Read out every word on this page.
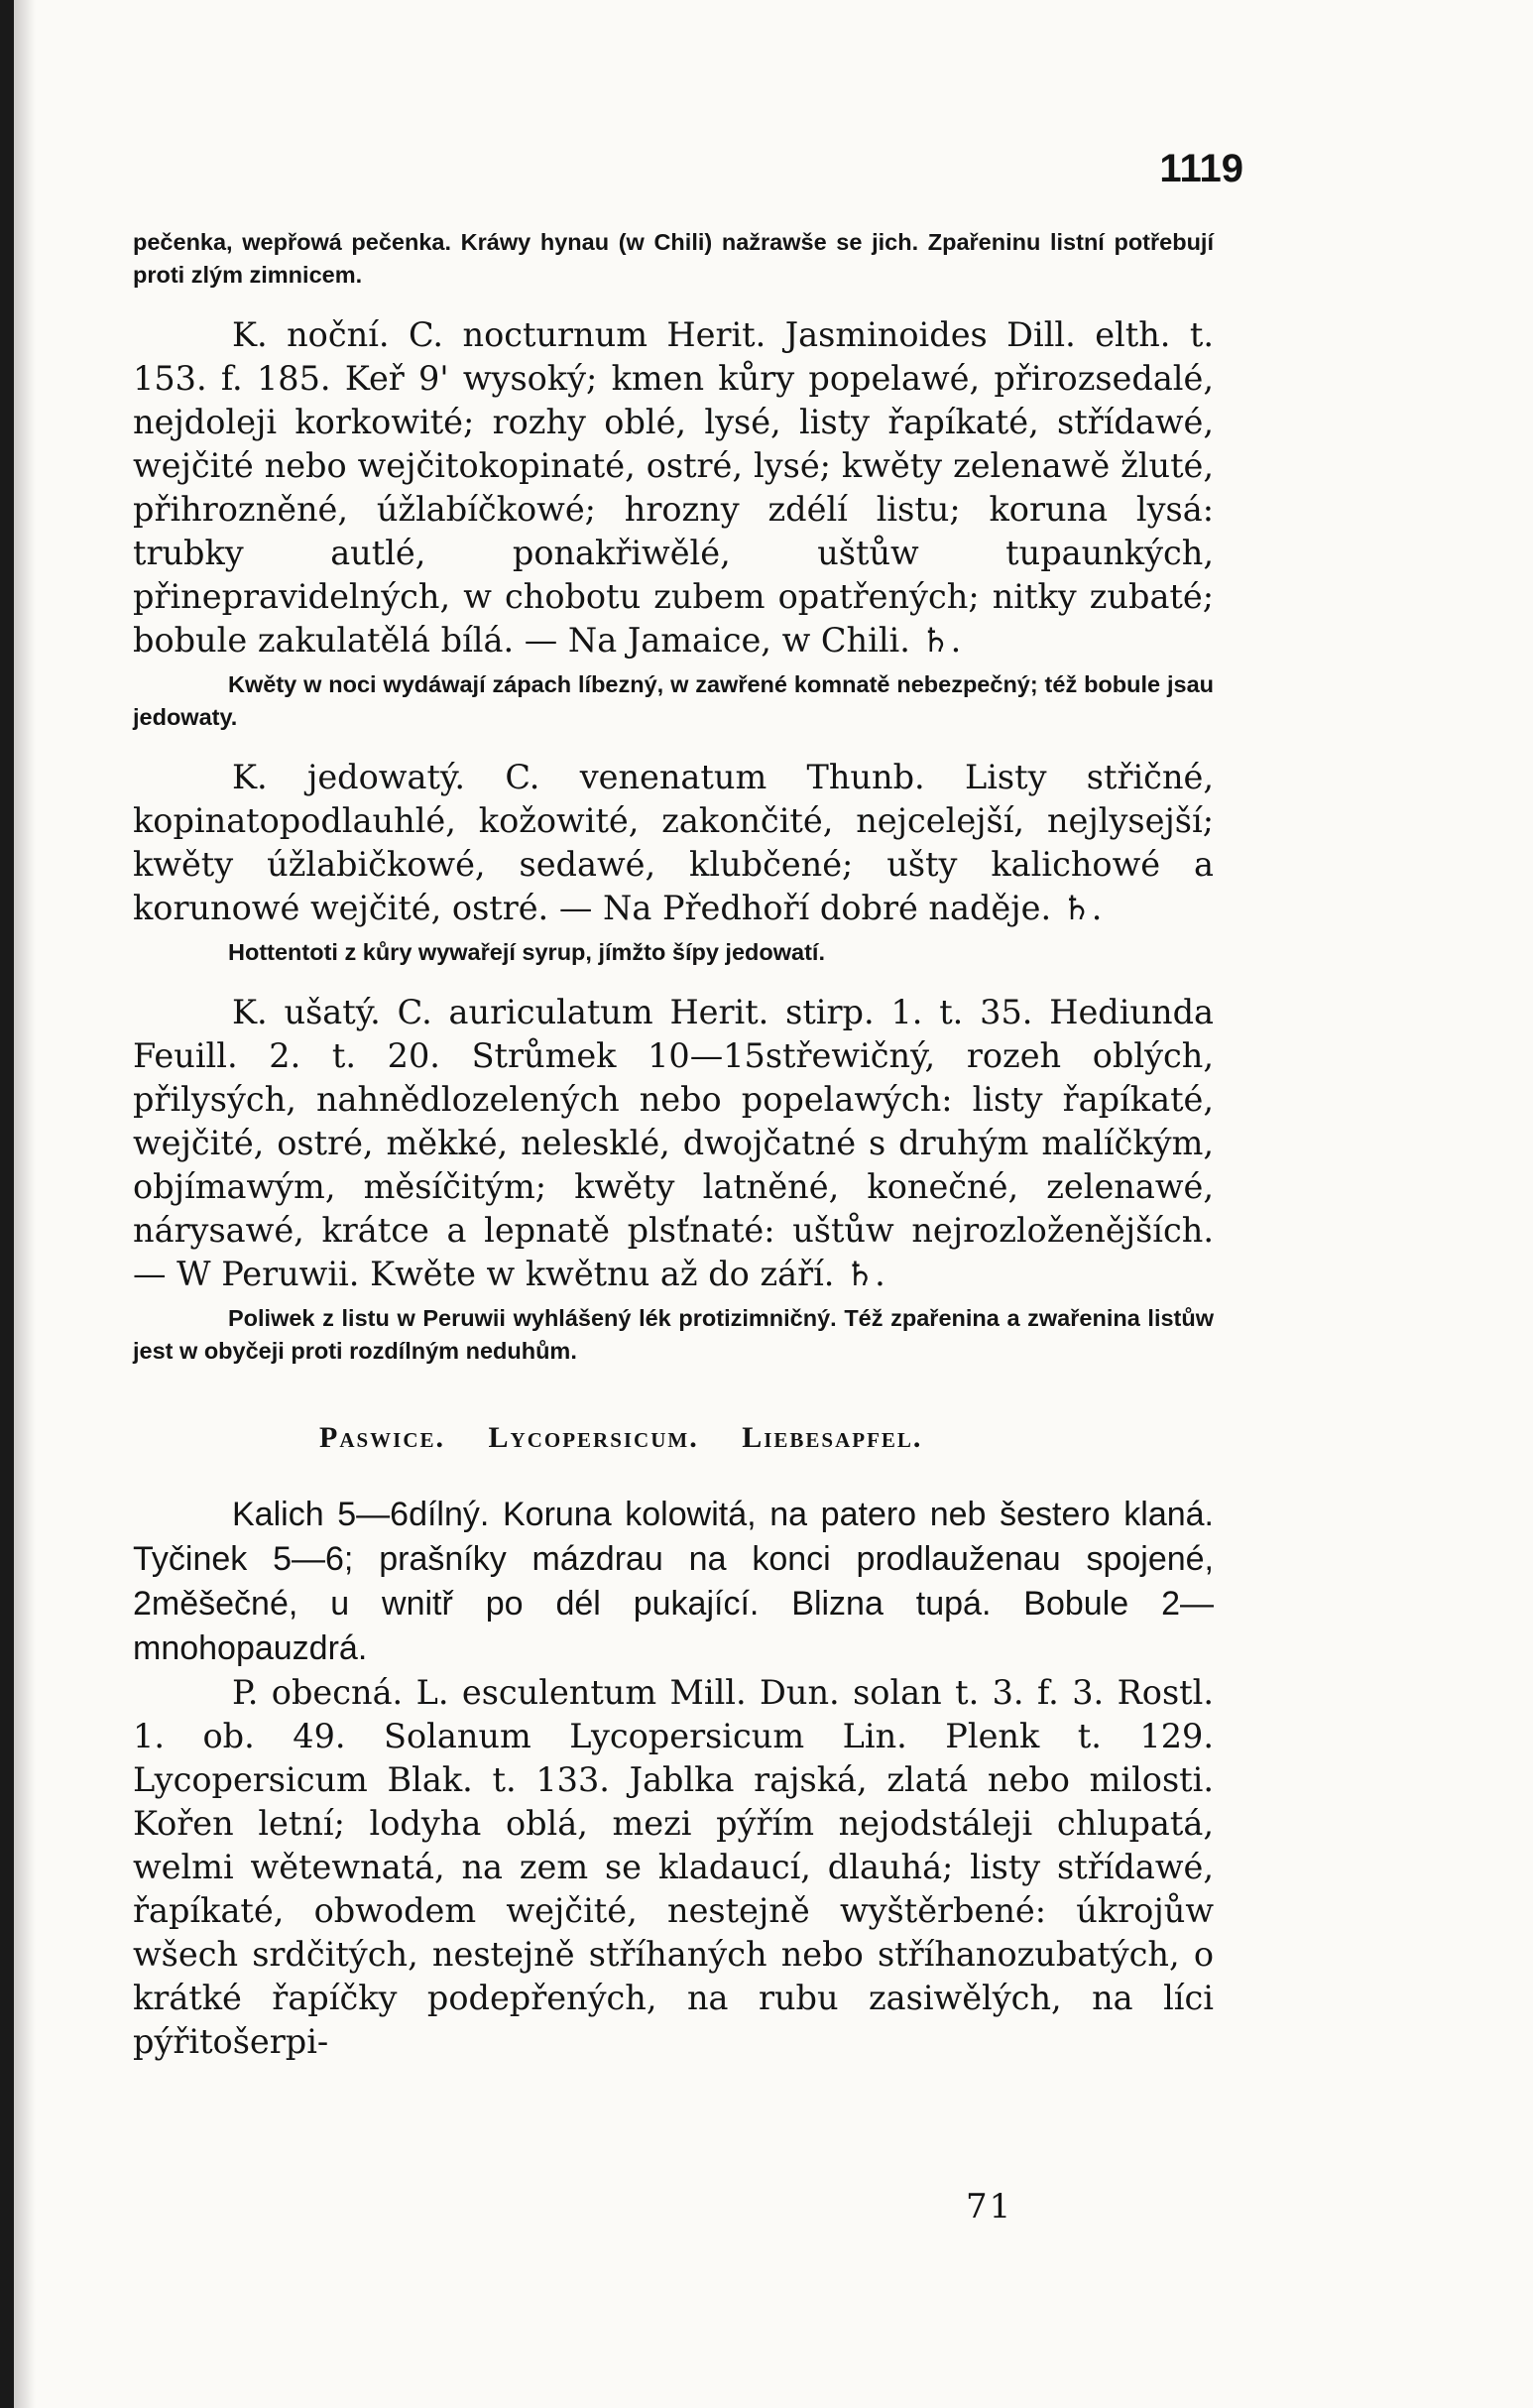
1119

pečenka, wepřowá pečenka. Kráwy hynau (w Chili) nažrawše se jich. Zpařeninu listní potřebují proti zlým zimnicem.

K. noční. C. nocturnum Herit. Jasminoides Dill. elth. t. 153. f. 185. Keř 9' wysoký; kmen kůry popelawé, přirozsedalé, nejdoleji korkowité; rozhy oblé, lysé, listy řapíkaté, střídawé, wejčité nebo wejčitokopinaté, ostré, lysé; kwěty zelenawě žluté, přihrozněné, úžlabíčkowé; hrozny zdélí listu; koruna lysá: trubky autlé, ponakřiwělé, uštůw tupaunkých, přinepravidelných, w chobotu zubem opatřených; nitky zubaté; bobule zakulatělá bílá. — Na Jamaice, w Chili. ♄.

Kwěty w noci wydáwají zápach líbezný, w zawřené komnatě nebezpečný; též bobule jsau jedowaty.

K. jedowatý. C. venenatum Thunb. Listy střičné, kopinatopodlauhlé, kožowité, zakončité, nejcelejší, nejlysejší; kwěty úžlabičkowé, sedawé, klubčené; ušty kalichowé a korunowé wejčité, ostré. — Na Předhoří dobré naděje. ♄.

Hottentoti z kůry wywařejí syrup, jímžto šípy jedowatí.

K. ušatý. C. auriculatum Herit. stirp. 1. t. 35. Hediunda Feuill. 2. t. 20. Strůmek 10—15střewičný, rozeh oblých, přilysých, nahnědlozelených nebo popelawých: listy řapíkaté, wejčité, ostré, měkké, nelesklé, dwojčatné s druhým malíčkým, objímawým, měsíčitým; kwěty latněné, konečné, zelenawé, nárysawé, krátce a lepnatě plsťnaté: uštůw nejrozloženějších. — W Peruwii. Kwěte w kwětnu až do září. ♄.

Poliwek z listu w Peruwii wyhlášený lék protizimničný. Též zpařenina a zwařenina listůw jest w obyčeji proti rozdílným neduhům.

Paswice. Lycopersicum. Liebesapfel.

Kalich 5—6dílný. Koruna kolowitá, na patero neb šestero klaná. Tyčinek 5—6; prašníky mázdrau na konci prodlauženau spojené, 2měšečné, u wnitř po dél pukající. Blizna tupá. Bobule 2— mnohopauzdrá.

P. obecná. L. esculentum Mill. Dun. solan t. 3. f. 3. Rostl. 1. ob. 49. Solanum Lycopersicum Lin. Plenk t. 129. Lycopersicum Blak. t. 133. Jablka rajská, zlatá nebo milosti. Kořen letní; lodyha oblá, mezi pýřím nejodstáleji chlupatá, welmi wětewnatá, na zem se kladaucí, dlauhá; listy střídawé, řapíkaté, obwodem wejčité, nestejně wyštěrbené: úkrojůw wšech srdčitých, nestejně stříhaných nebo stříhanozubatých, o krátké řapíčky podepřených, na rubu zasiwělých, na líci pýřitošerpi-

71
